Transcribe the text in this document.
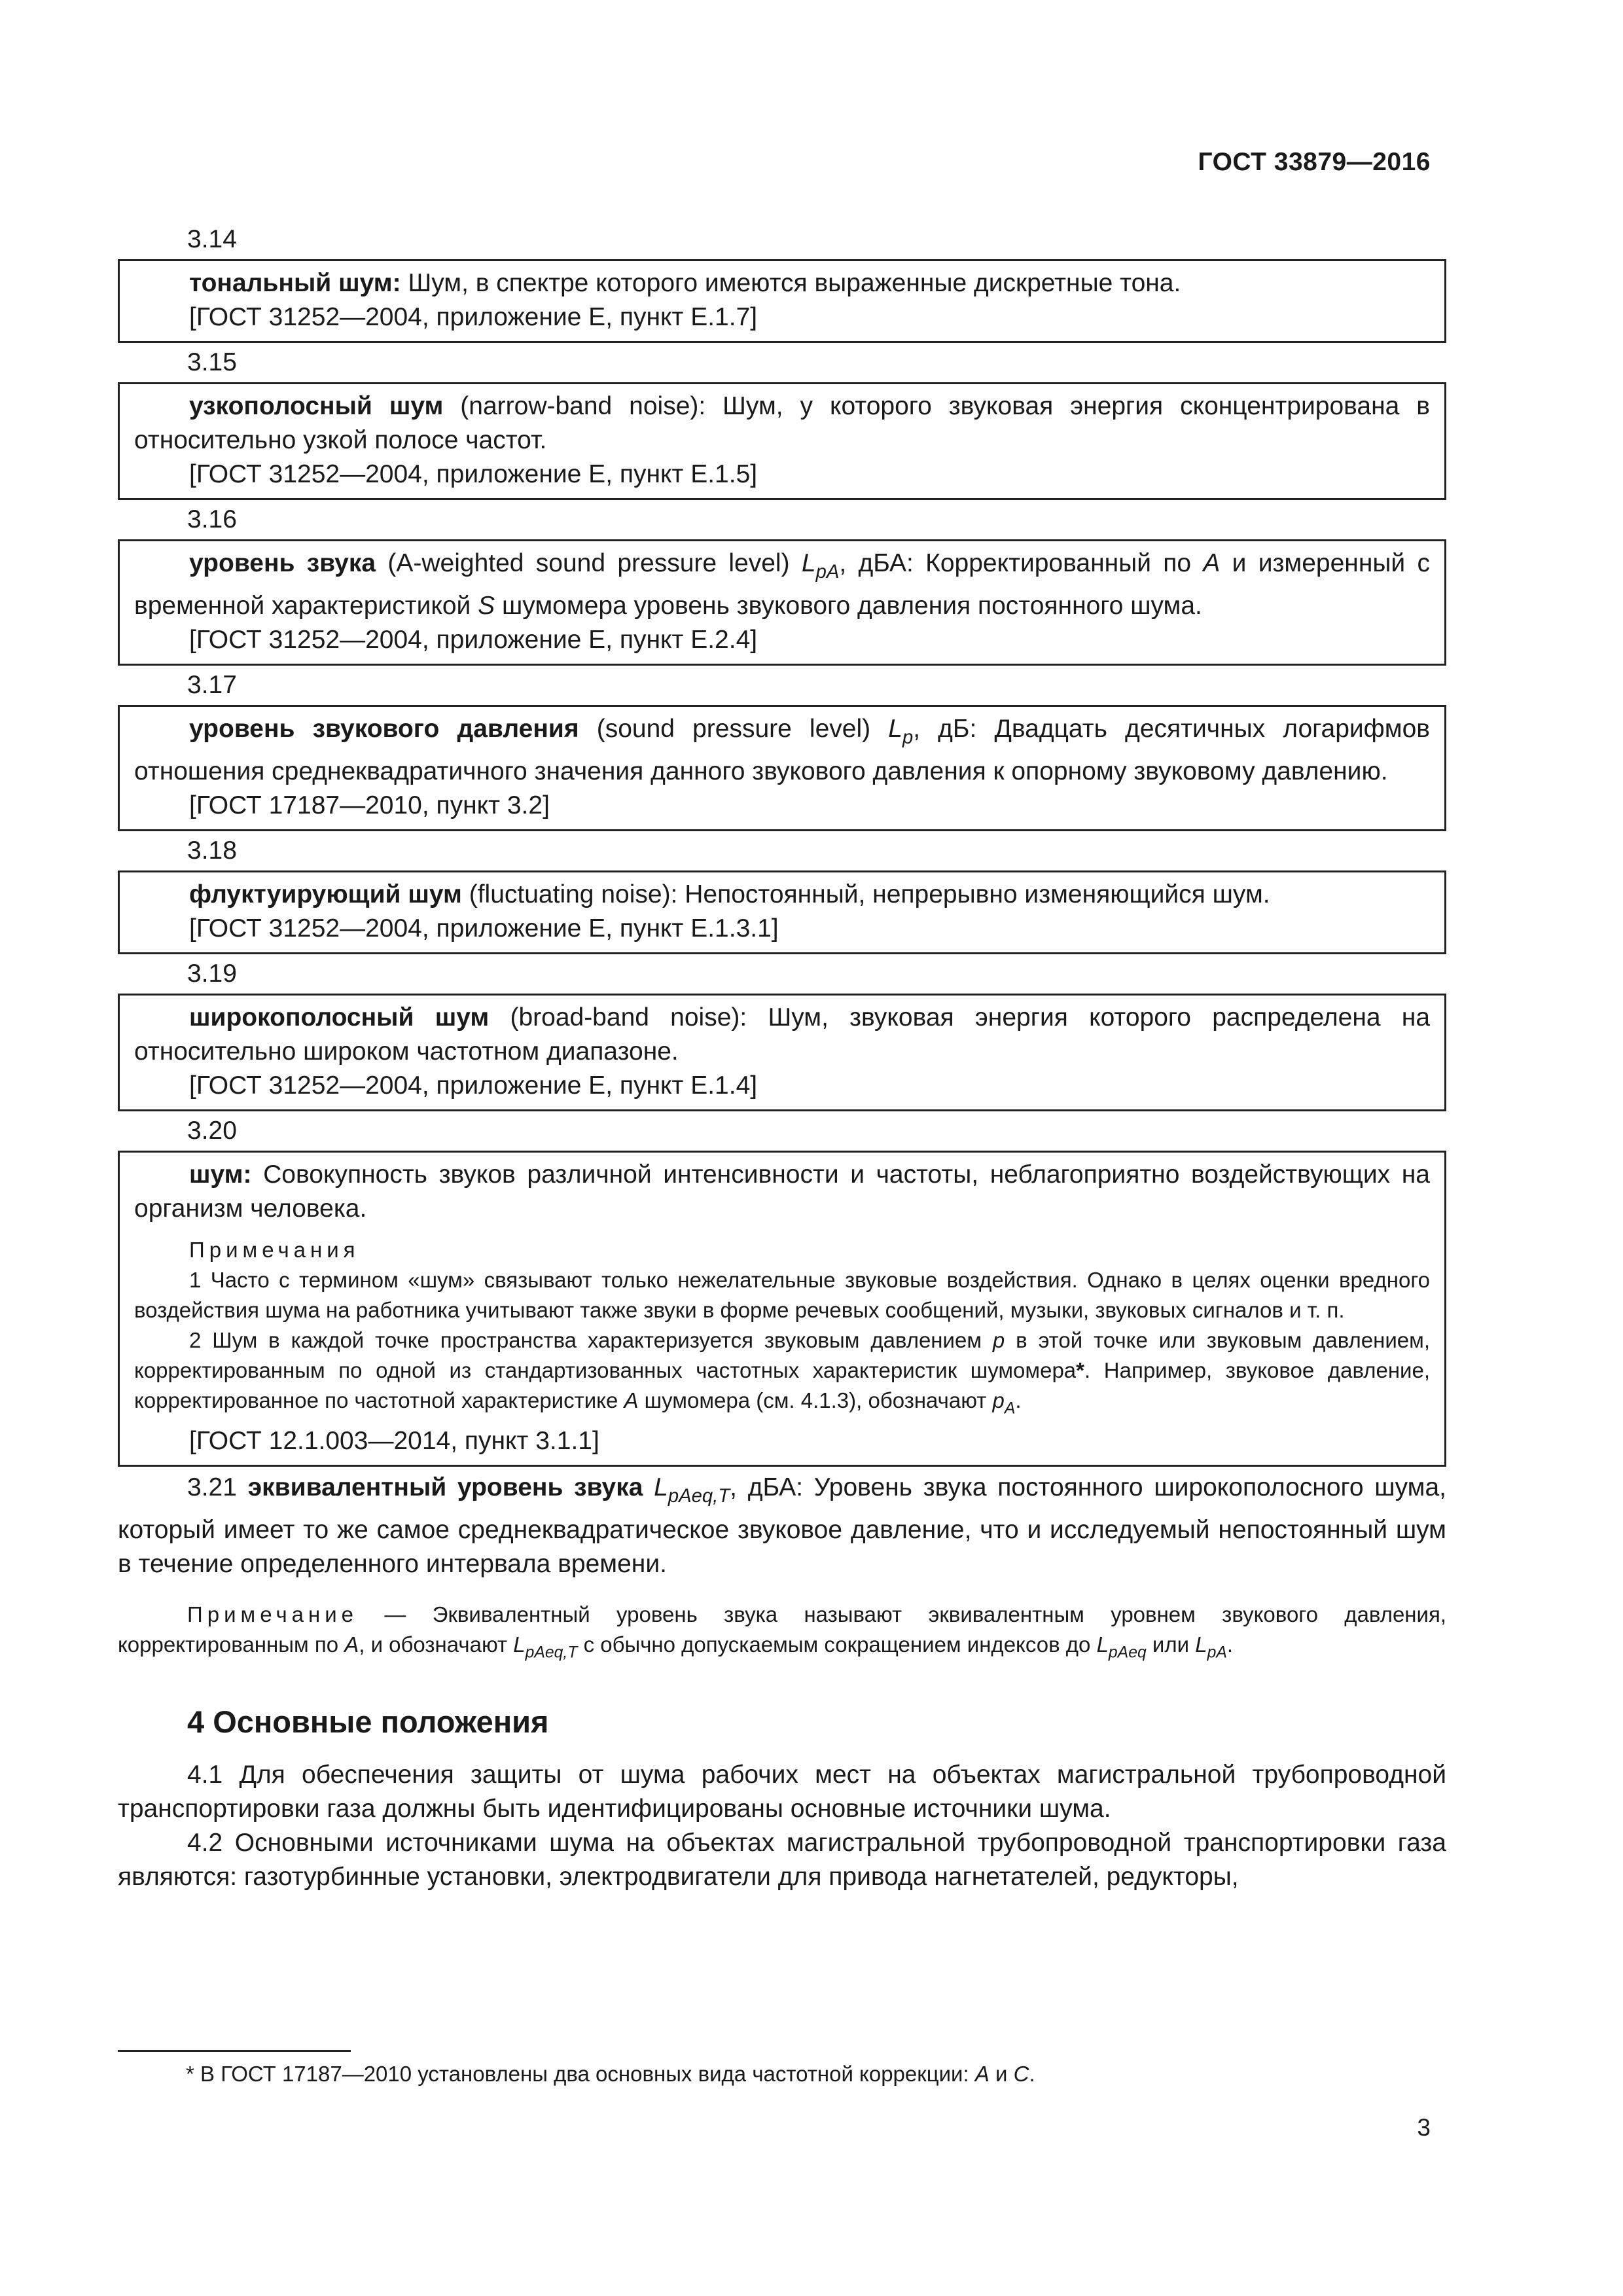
ГОСТ 33879—2016
3.14

тональный шум: Шум, в спектре которого имеются выраженные дискретные тона.

[ГОСТ 31252—2004, приложение Е, пункт Е.1.7]

3.15

узкополосный шум (narrow-band noise): Шум, у которого звуковая энергия сконцентрирована в относительно узкой полосе частот.

[ГОСТ 31252—2004, приложение Е, пункт Е.1.5]

3.16

уровень звука (A-weighted sound pressure level) $L_{pA}$, дБА: Корректированный по A и измеренный с временной характеристикой S шумомера уровень звукового давления постоянного шума.

[ГОСТ 31252—2004, приложение Е, пункт Е.2.4]

3.17

уровень звукового давления (sound pressure level) $L_p$, дБ: Двадцать десятичных логарифмов отношения среднеквадратичного значения данного звукового давления к опорному звуковому давлению.

[ГОСТ 17187—2010, пункт 3.2]

3.18

флуктуирующий шум (fluctuating noise): Непостоянный, непрерывно изменяющийся шум.

[ГОСТ 31252—2004, приложение Е, пункт Е.1.3.1]

3.19

широкополосный шум (broad-band noise): Шум, звуковая энергия которого распределена на относительно широком частотном диапазоне.

[ГОСТ 31252—2004, приложение Е, пункт Е.1.4]

3.20

шум: Совокупность звуков различной интенсивности и частоты, неблагоприятно воздействующих на организм человека.

Примечания

1 Часто с термином «шум» связывают только нежелательные звуковые воздействия. Однако в целях оценки вредного воздействия шума на работника учитывают также звуки в форме речевых сообщений, музыки, звуковых сигналов и т. п.

2 Шум в каждой точке пространства характеризуется звуковым давлением p в этой точке или звуковым давлением, корректированным по одной из стандартизованных частотных характеристик шумомера*. Например, звуковое давление, корректированное по частотной характеристике A шумомера (см. 4.1.3), обозначают $p_A$.

[ГОСТ 12.1.003—2014, пункт 3.1.1]

3.21 эквивалентный уровень звука $L_{pAeq,T}$, дБА: Уровень звука постоянного широкополосного шума, который имеет то же самое среднеквадратическое звуковое давление, что и исследуемый непостоянный шум в течение определенного интервала времени.

Примечание — Эквивалентный уровень звука называют эквивалентным уровнем звукового давления, корректированным по A, и обозначают $L_{pAeq,T}$ с обычно допускаемым сокращением индексов до $L_{pAeq}$ или $L_{pA}$.

4 Основные положения

4.1 Для обеспечения защиты от шума рабочих мест на объектах магистральной трубопроводной транспортировки газа должны быть идентифицированы основные источники шума.

4.2 Основными источниками шума на объектах магистральной трубопроводной транспортировки газа являются: газотурбинные установки, электродвигатели для привода нагнетателей, редукторы,

* В ГОСТ 17187—2010 установлены два основных вида частотной коррекции: A и C.
3
